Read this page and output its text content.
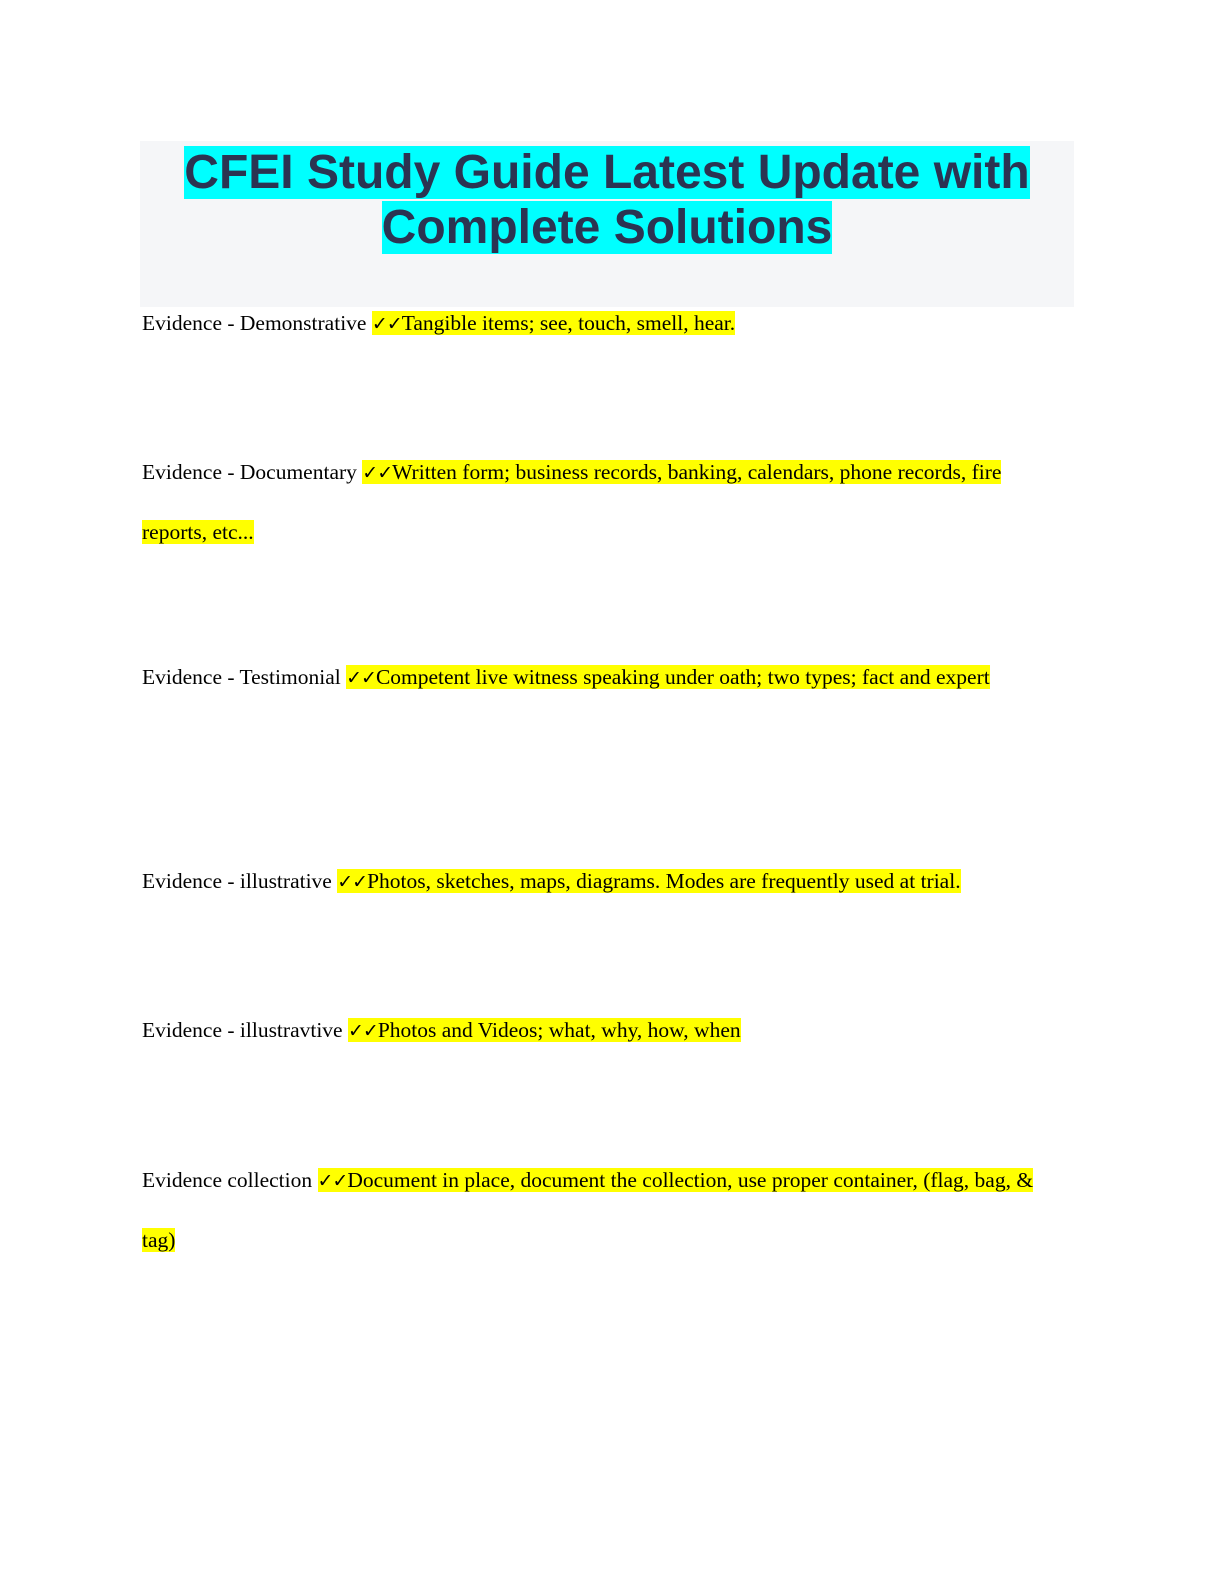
CFEI Study Guide Latest Update with
Complete Solutions

Evidence - Demonstrative ✓✓Tangible items; see, touch, smell, hear.

Evidence - Documentary ✓✓Written form; business records, banking, calendars, phone records, fire reports, etc...

Evidence - Testimonial ✓✓Competent live witness speaking under oath; two types; fact and expert

Evidence - illustrative ✓✓Photos, sketches, maps, diagrams. Modes are frequently used at trial.

Evidence - illustravtive ✓✓Photos and Videos; what, why, how, when

Evidence collection ✓✓Document in place, document the collection, use proper container, (flag, bag, & tag)
